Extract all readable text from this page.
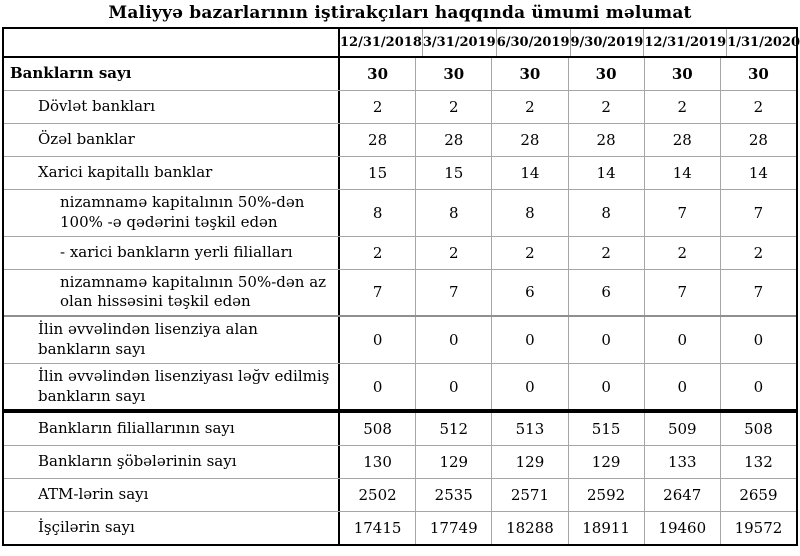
Maliyyə bazarlarının iştirakçıları haqqında ümumi məlumat
12/31/2018 3/31/2019 6/30/2019 9/30/2019 12/31/2019 1/31/2020
Bankların sayı	30	30	30	30	30	30
Dövlət bankları	2	2	2	2	2	2
Özəl banklar	28	28	28	28	28	28
Xarici kapitallı banklar	15	15	14	14	14	14
nizamnamə kapitalının 50%-dən 100% -ə qədərini təşkil edən	8	8	8	8	7	7
- xarici bankların yerli filialları	2	2	2	2	2	2
nizamnamə kapitalının 50%-dən az olan hissəsini təşkil edən	7	7	6	6	7	7
İlin əvvəlindən lisenziya alan bankların sayı	0	0	0	0	0	0
İlin əvvəlindən lisenziyası ləğv edilmiş bankların sayı	0	0	0	0	0	0
Bankların filiallarının sayı	508	512	513	515	509	508
Bankların şöbələrinin sayı	130	129	129	129	133	132
ATM-lərin sayı	2502	2535	2571	2592	2647	2659
İşçilərin sayı	17415	17749	18288	18911	19460	19572
